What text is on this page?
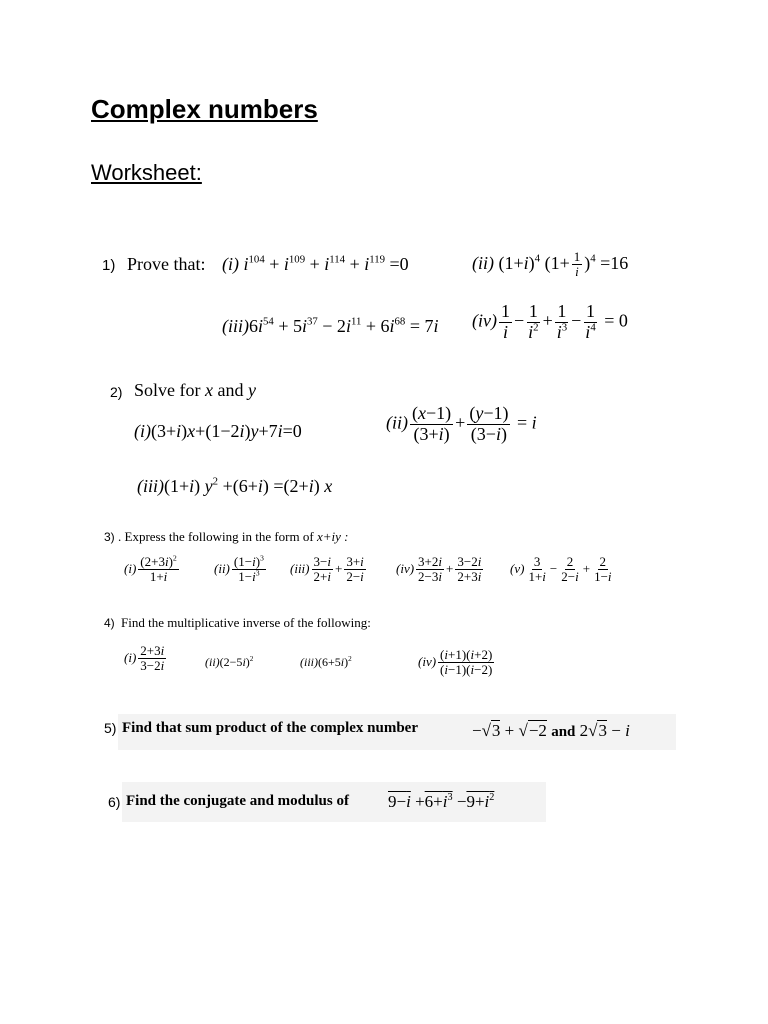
Complex numbers
Worksheet:
1) Prove that: (i) $i^{104} + i^{109} + i^{114} + i^{119} =0$	(ii) $(1+i)^4$ $(1+ \frac{1}{i} )^4 =16$
$(iii)6i^{54} + 5i^{37} - 2i^{11} + 6i^{68} = 7i$ $(iv) \frac{1}{i} - \frac{1}{i^2} + \frac{1}{i^3} - \frac{1}{i^4} = 0$
2) Solve for x and y
(i)(3+i)x+(1−2i)y+7i=0	$(ii) \frac{(x-1)}{(3+i)} + \frac{(y-1)}{(3-i)} = i$
(iii)(1+i) $y^2 +(6+i) =(2+i)$ x
3) . Express the following in the form of x+iy :
$(i) \frac{(2+3i)^2}{1+i}$	$(ii) \frac{(1-i)^3}{1-i^3} (iii) \frac{3-i}{2+i} + \frac{3+i}{2-i} (iv) \frac{3+2i}{2-3i} + \frac{3-2i}{2+3i} (v) \frac{3}{1+i} - \frac{2}{2-i} + \frac{2}{1-i}$
4) Find the multiplicative inverse of the following:
$(i) \frac{2+3i}{3-2i}$	$(ii)(2-5i)^2$	$(iii)(6+5i)^2$	$(iv) \frac{(i+1)(i+2)}{(i-1)(i-2)}$
5) Find that sum product of the complex number	−√3 + √−2 and 2√3 − i
6) Find the conjugate and modulus of $9-i +6+i^3 -9+i^2$
